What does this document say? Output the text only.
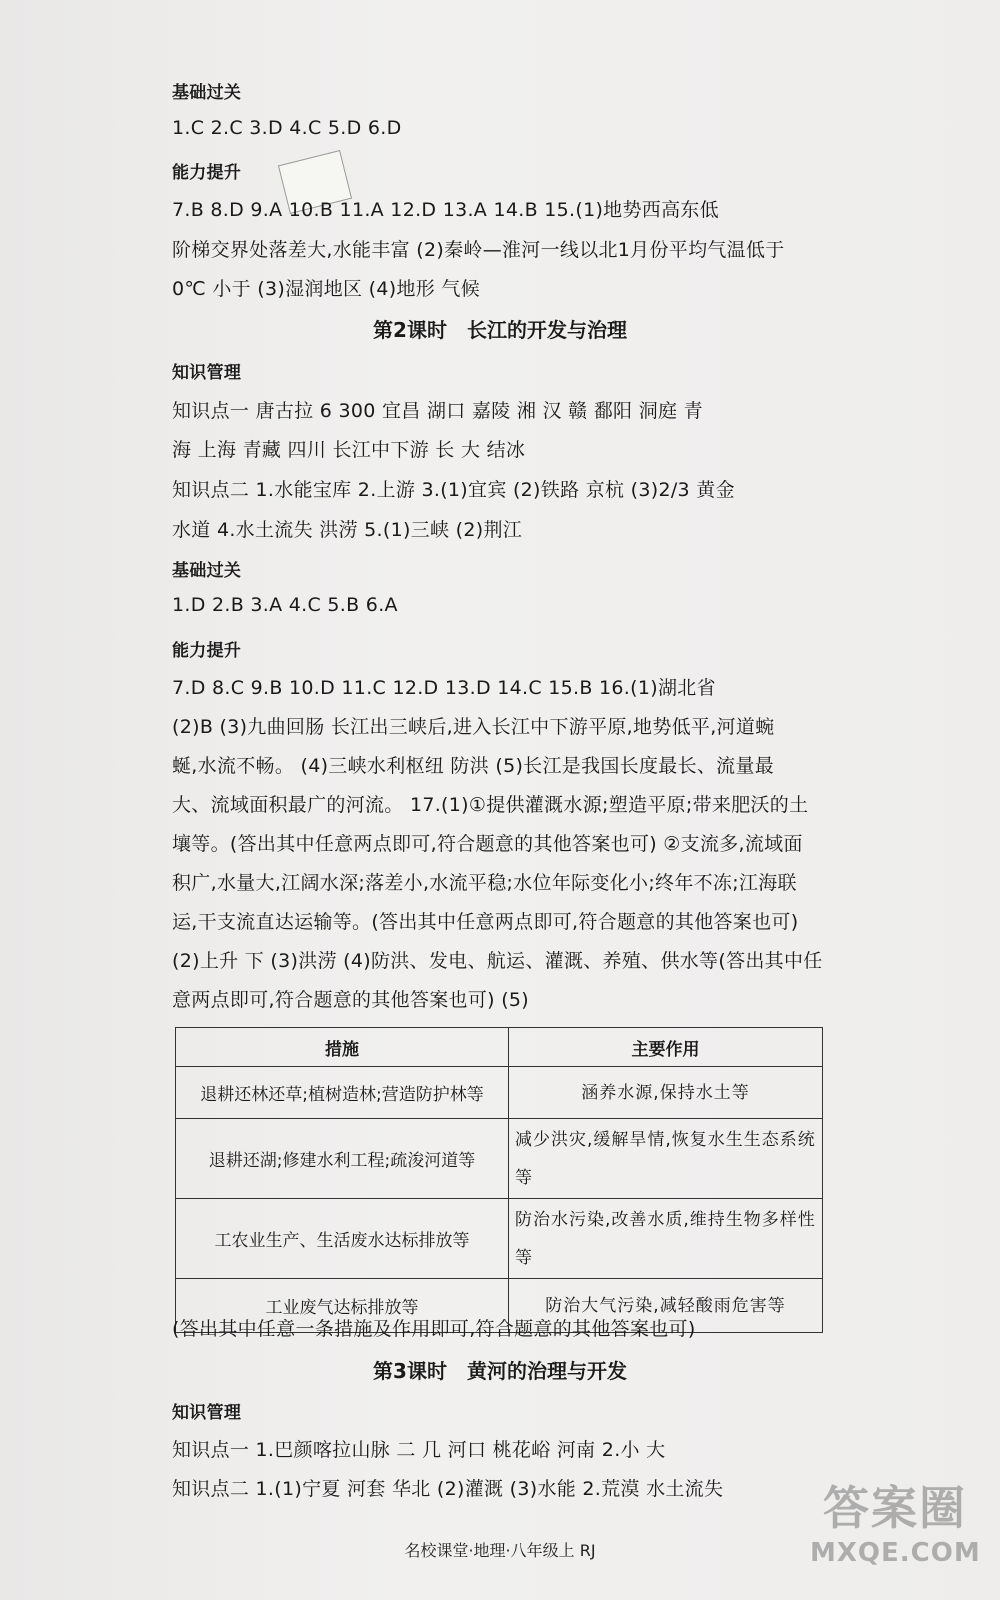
基础过关
1.C 2.C 3.D 4.C 5.D 6.D
能力提升
7.B 8.D 9.A 10.B 11.A 12.D 13.A 14.B 15.(1)地势西高东低
阶梯交界处落差大,水能丰富 (2)秦岭—淮河一线以北1月份平均气温低于
0℃ 小于 (3)湿润地区 (4)地形 气候
第2课时 长江的开发与治理
知识管理
知识点一 唐古拉 6 300 宜昌 湖口 嘉陵 湘 汉 赣 鄱阳 洞庭 青
海 上海 青藏 四川 长江中下游 长 大 结冰
知识点二 1.水能宝库 2.上游 3.(1)宜宾 (2)铁路 京杭 (3)2/3 黄金
水道 4.水土流失 洪涝 5.(1)三峡 (2)荆江
基础过关
1.D 2.B 3.A 4.C 5.B 6.A
能力提升
7.D 8.C 9.B 10.D 11.C 12.D 13.D 14.C 15.B 16.(1)湖北省
(2)B (3)九曲回肠 长江出三峡后,进入长江中下游平原,地势低平,河道蜿
蜒,水流不畅。 (4)三峡水利枢纽 防洪 (5)长江是我国长度最长、流量最
大、流域面积最广的河流。 17.(1)①提供灌溉水源;塑造平原;带来肥沃的土
壤等。(答出其中任意两点即可,符合题意的其他答案也可) ②支流多,流域面
积广,水量大,江阔水深;落差小,水流平稳;水位年际变化小;终年不冻;江海联
运,干支流直达运输等。(答出其中任意两点即可,符合题意的其他答案也可)
(2)上升 下 (3)洪涝 (4)防洪、发电、航运、灌溉、养殖、供水等(答出其中任
意两点即可,符合题意的其他答案也可) (5)
措施	主要作用
退耕还林还草;植树造林;营造防护林等	涵养水源,保持水土等
退耕还湖;修建水利工程;疏浚河道等	减少洪灾,缓解旱情,恢复水生生态系统等
工农业生产、生活废水达标排放等	防治水污染,改善水质,维持生物多样性等
工业废气达标排放等	防治大气污染,减轻酸雨危害等
(答出其中任意一条措施及作用即可,符合题意的其他答案也可)
第3课时 黄河的治理与开发
知识管理
知识点一 1.巴颜喀拉山脉 二 几 河口 桃花峪 河南 2.小 大
知识点二 1.(1)宁夏 河套 华北 (2)灌溉 (3)水能 2.荒漠 水土流失 答案圈
MXQE.COM
名校课堂·地理·八年级上 RJ
